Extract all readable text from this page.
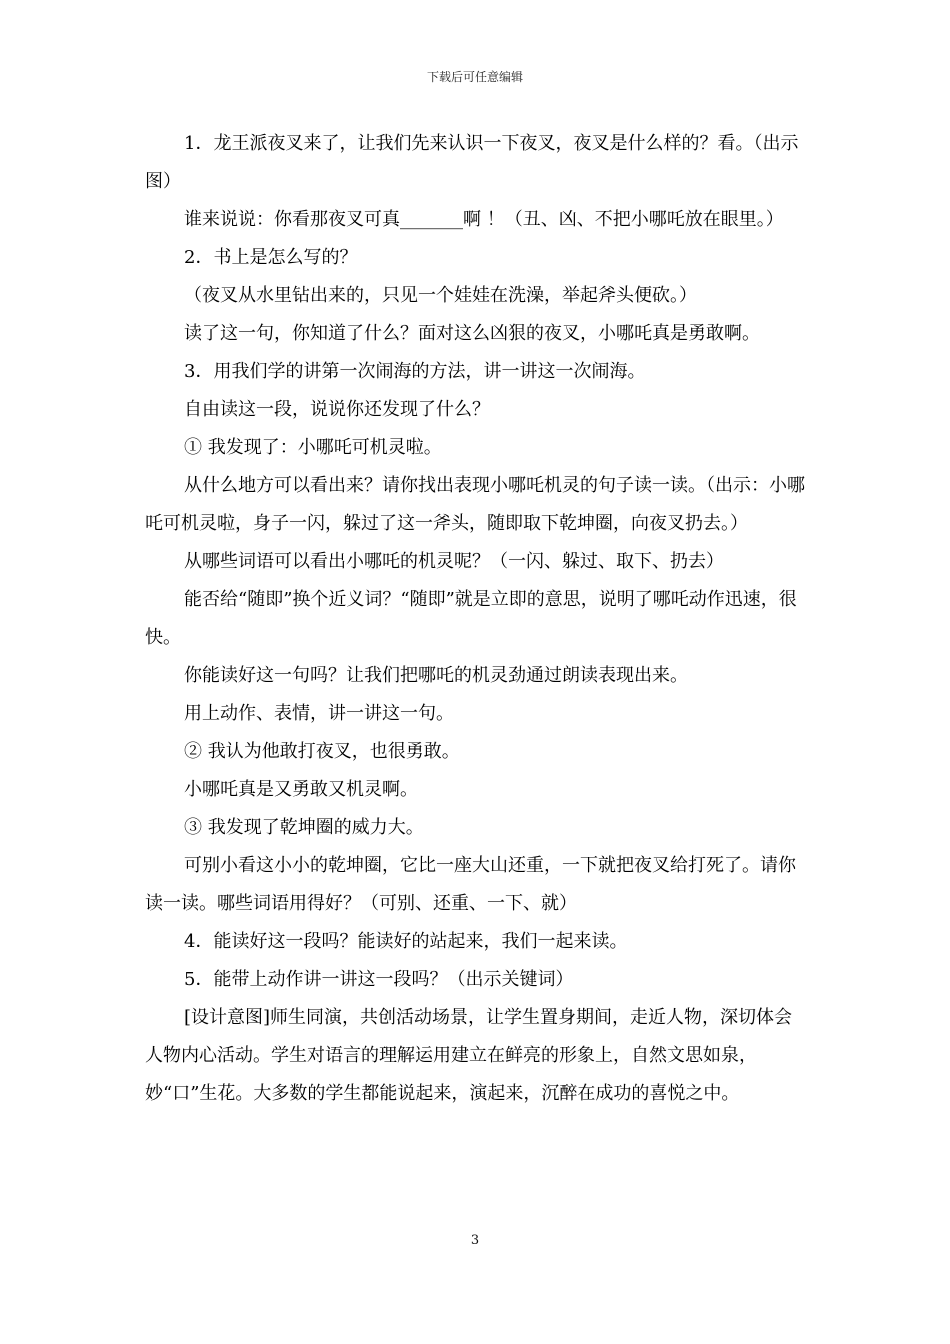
下载后可任意编辑

1．龙王派夜叉来了，让我们先来认识一下夜叉，夜叉是什么样的？看。（出示图）

谁来说说：你看那夜叉可真_______啊 ！（丑、凶、不把小哪吒放在眼里。）

2．书上是怎么写的？

（夜叉从水里钻出来的，只见一个娃娃在洗澡，举起斧头便砍。）

读了这一句，你知道了什么？面对这么凶狠的夜叉，小哪吒真是勇敢啊。

3．用我们学的讲第一次闹海的方法，讲一讲这一次闹海。

自由读这一段，说说你还发现了什么？

① 我发现了：小哪吒可机灵啦。

从什么地方可以看出来？请你找出表现小哪吒机灵的句子读一读。（出示：小哪吒可机灵啦，身子一闪，躲过了这一斧头，随即取下乾坤圈，向夜叉扔去。）

从哪些词语可以看出小哪吒的机灵呢？（一闪、躲过、取下、扔去）

能否给“随即”换个近义词？“随即”就是立即的意思，说明了哪吒动作迅速，很快。

你能读好这一句吗？让我们把哪吒的机灵劲通过朗读表现出来。

用上动作、表情，讲一讲这一句。

② 我认为他敢打夜叉，也很勇敢。

小哪吒真是又勇敢又机灵啊。

③ 我发现了乾坤圈的威力大。

可别小看这小小的乾坤圈，它比一座大山还重，一下就把夜叉给打死了。请你读一读。哪些词语用得好？（可别、还重、一下、就）

4．能读好这一段吗？能读好的站起来，我们一起来读。

5．能带上动作讲一讲这一段吗？（出示关键词）

[设计意图]师生同演，共创活动场景，让学生置身期间，走近人物，深切体会人物内心活动。学生对语言的理解运用建立在鲜亮的形象上，自然文思如泉，妙“口”生花。大多数的学生都能说起来，演起来，沉醉在成功的喜悦之中。

3
